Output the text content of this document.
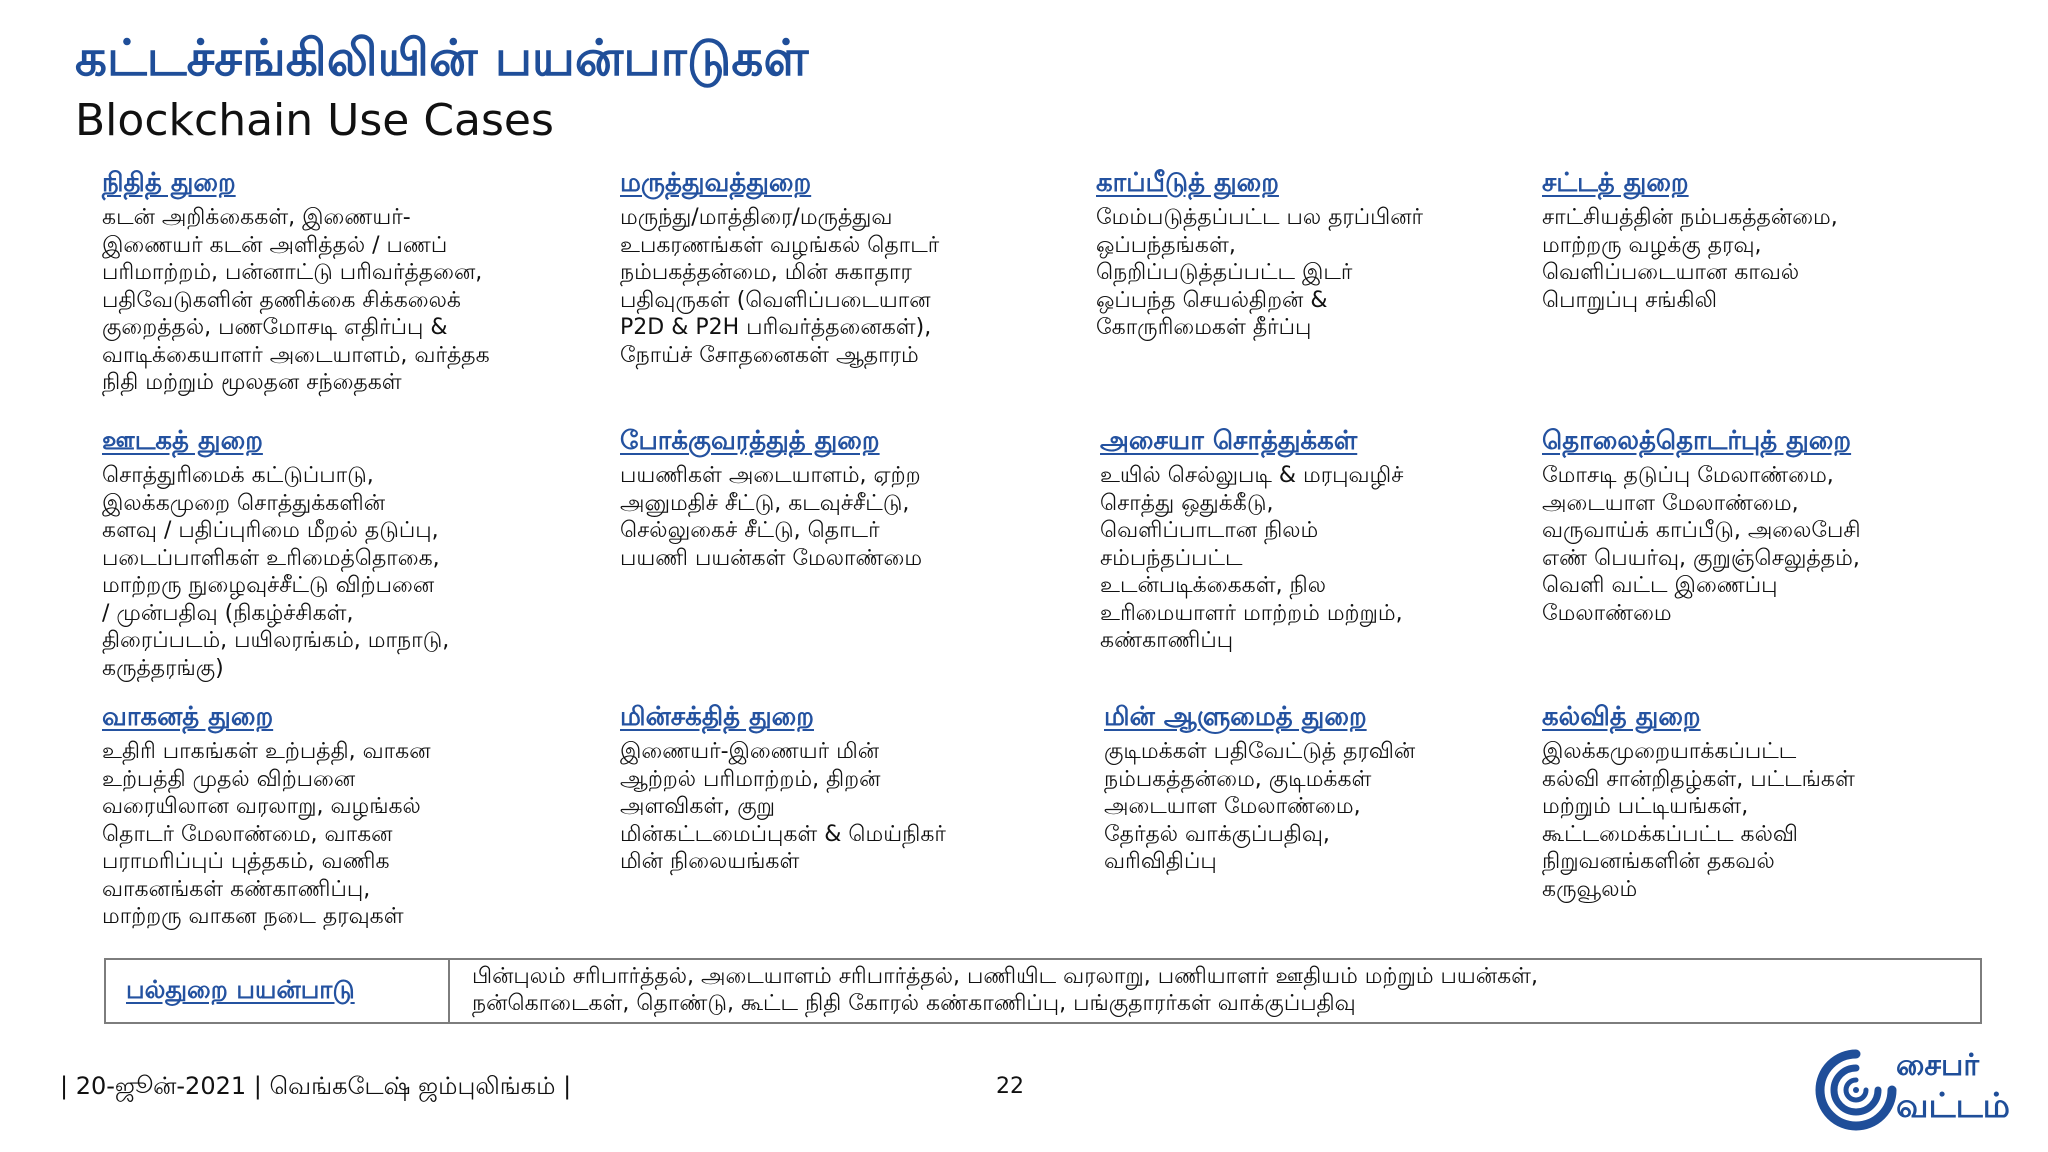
கட்டச்சங்கிலியின் பயன்பாடுகள்
Blockchain Use Cases
நிதித் துறை
கடன் அறிக்கைகள், இணையர்-
இணையர் கடன் அளித்தல் / பணப்
பரிமாற்றம், பன்னாட்டு பரிவர்த்தனை,
பதிவேடுகளின் தணிக்கை சிக்கலைக்
குறைத்தல், பணமோசடி எதிர்ப்பு &
வாடிக்கையாளர் அடையாளம், வர்த்தக
நிதி மற்றும் மூலதன சந்தைகள்
மருத்துவத்துறை
மருந்து/மாத்திரை/மருத்துவ
உபகரணங்கள் வழங்கல் தொடர்
நம்பகத்தன்மை, மின் சுகாதார
பதிவுருகள் (வெளிப்படையான
P2D & P2H பரிவர்த்தனைகள்),
நோய்ச் சோதனைகள் ஆதாரம்
காப்பீடுத் துறை
மேம்படுத்தப்பட்ட பல தரப்பினர்
ஒப்பந்தங்கள்,
நெறிப்படுத்தப்பட்ட இடர்
ஒப்பந்த செயல்திறன் &
கோருரிமைகள் தீர்ப்பு
சட்டத் துறை
சாட்சியத்தின் நம்பகத்தன்மை,
மாற்றரு வழக்கு தரவு,
வெளிப்படையான காவல்
பொறுப்பு சங்கிலி
ஊடகத் துறை
சொத்துரிமைக் கட்டுப்பாடு,
இலக்கமுறை சொத்துக்களின்
களவு / பதிப்புரிமை மீறல் தடுப்பு,
படைப்பாளிகள் உரிமைத்தொகை,
மாற்றரு நுழைவுச்சீட்டு விற்பனை
/ முன்பதிவு (நிகழ்ச்சிகள்,
திரைப்படம், பயிலரங்கம், மாநாடு,
கருத்தரங்கு)
போக்குவரத்துத் துறை
பயணிகள் அடையாளம், ஏற்ற
அனுமதிச் சீட்டு, கடவுச்சீட்டு,
செல்லுகைச் சீட்டு, தொடர்
பயணி பயன்கள் மேலாண்மை
அசையா சொத்துக்கள்
உயில் செல்லுபடி & மரபுவழிச்
சொத்து ஒதுக்கீடு,
வெளிப்பாடான நிலம்
சம்பந்தப்பட்ட
உடன்படிக்கைகள், நில
உரிமையாளர் மாற்றம் மற்றும்,
கண்காணிப்பு
தொலைத்தொடர்புத் துறை
மோசடி தடுப்பு மேலாண்மை,
அடையாள மேலாண்மை,
வருவாய்க் காப்பீடு, அலைபேசி
எண் பெயர்வு, குறுஞ்செலுத்தம்,
வெளி வட்ட இணைப்பு
மேலாண்மை
வாகனத் துறை
உதிரி பாகங்கள் உற்பத்தி, வாகன
உற்பத்தி முதல் விற்பனை
வரையிலான வரலாறு, வழங்கல்
தொடர் மேலாண்மை, வாகன
பராமரிப்புப் புத்தகம், வணிக
வாகனங்கள் கண்காணிப்பு,
மாற்றரு வாகன நடை தரவுகள்
மின்சக்தித் துறை
இணையர்-இணையர் மின்
ஆற்றல் பரிமாற்றம், திறன்
அளவிகள், குறு
மின்கட்டமைப்புகள் & மெய்நிகர்
மின் நிலையங்கள்
மின் ஆளுமைத் துறை
குடிமக்கள் பதிவேட்டுத் தரவின்
நம்பகத்தன்மை, குடிமக்கள்
அடையாள மேலாண்மை,
தேர்தல் வாக்குப்பதிவு,
வரிவிதிப்பு
கல்வித் துறை
இலக்கமுறையாக்கப்பட்ட
கல்வி சான்றிதழ்கள், பட்டங்கள்
மற்றும் பட்டியங்கள்,
கூட்டமைக்கப்பட்ட கல்வி
நிறுவனங்களின் தகவல்
கருவூலம்
பல்துறை பயன்பாடு	பின்புலம் சரிபார்த்தல், அடையாளம் சரிபார்த்தல், பணியிட வரலாறு, பணியாளர் ஊதியம் மற்றும் பயன்கள்,
நன்கொடைகள், தொண்டு, கூட்ட நிதி கோரல் கண்காணிப்பு, பங்குதாரர்கள் வாக்குப்பதிவு
| 20-ஜூன்-2021 | வெங்கடேஷ் ஜம்புலிங்கம் |	22
சைபர்
வட்டம்
